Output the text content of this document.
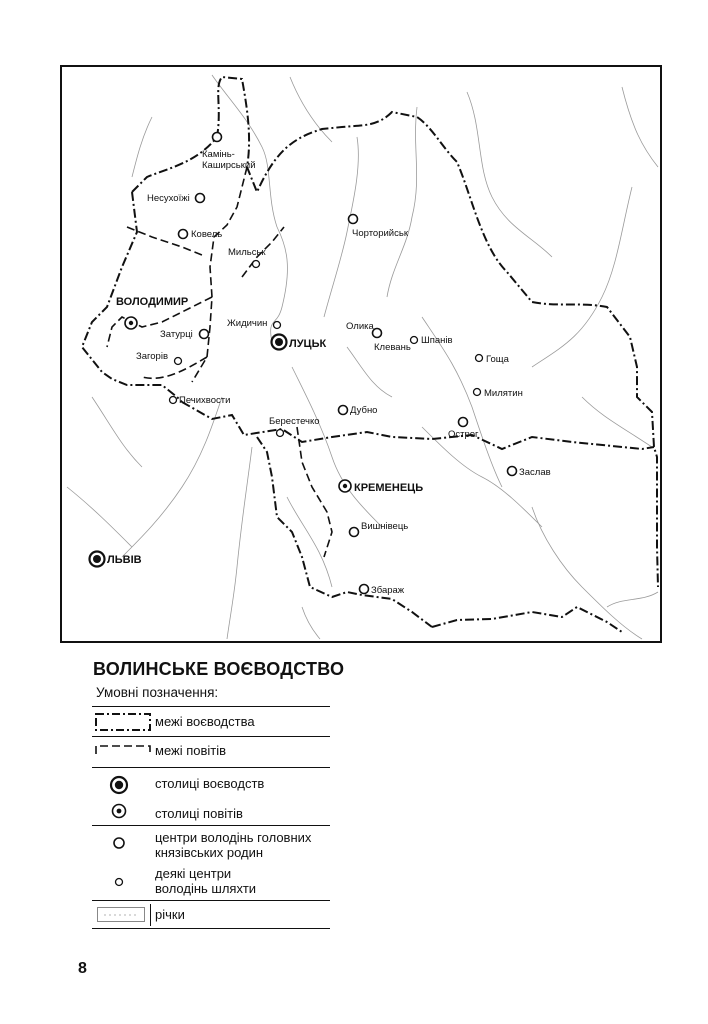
ЛУЦЬК
ЛЬВІВ
ВОЛОДИМИР
КРЕМЕНЕЦЬ
Камінь-Каширський
Несухоїжі
Ковель
Затурці
Чорторийськ
Олика
Дубно
Острог
Заслав
Вишнівець
Збараж
Мильськ
Жидичин
Загорів
Печихвости
Берестечко
Клевань
Шпанів
Гоща
Милятин
ВОЛИНСЬКЕ ВОЄВОДСТВО
Умовні позначення:
межі воєводства
межі повітів
столиці воєводств
столиці повітів
центри володінь головних князівських родин
деякі центри володінь шляхти
річки
8
